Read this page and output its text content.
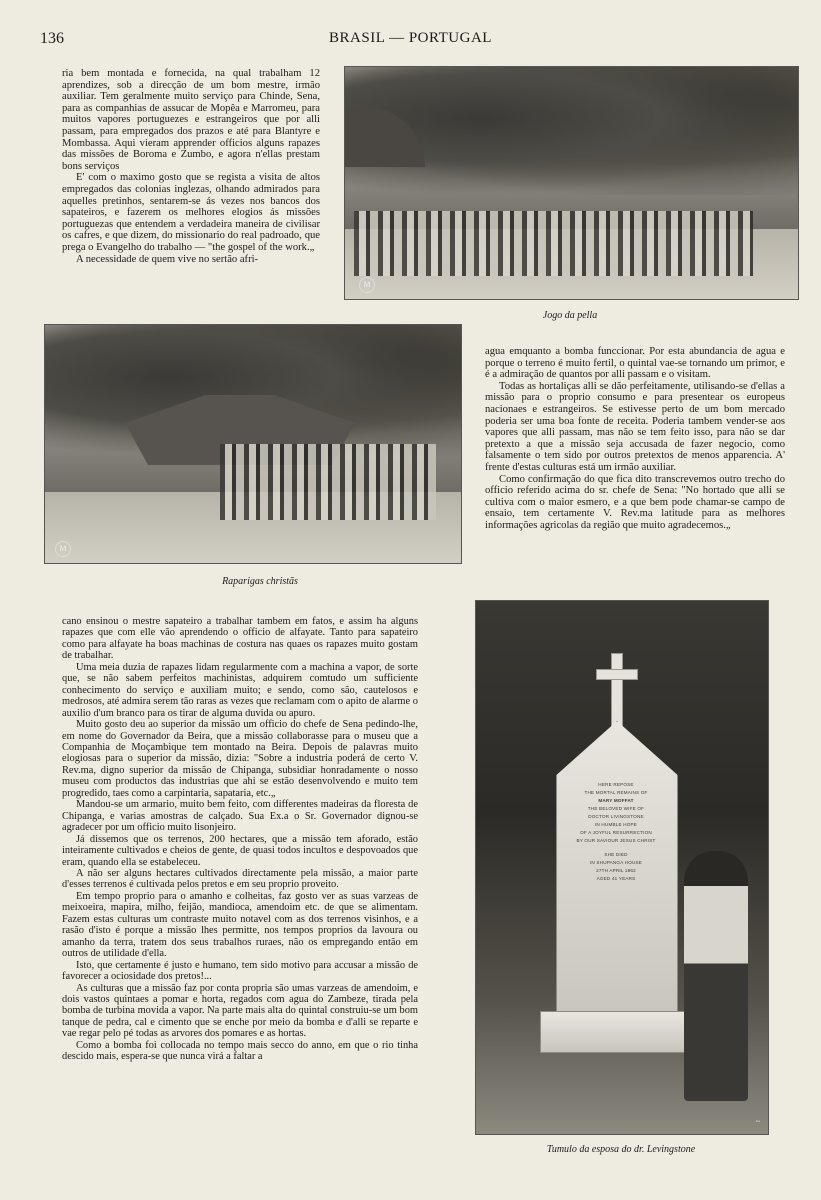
136	BRASIL — PORTUGAL

ria bem montada e fornecida, na qual trabalham 12 aprendizes, sob a direcção de um bom mestre, irmão auxiliar. Tem geralmente muito serviço para Chinde, Sena, para as companhias de assucar de Mopêa e Marromeu, para muitos vapores portuguezes e estrangeiros que por alli passam, para empregados dos prazos e até para Blantyre e Mombassa. Aqui vieram apprender officios alguns rapazes das missões de Boroma e Zumbo, e agora n'ellas prestam bons serviços

E' com o maximo gosto que se regista a visita de altos empregados das colonias inglezas, olhando admirados para aquelles pretinhos, sentarem-se ás vezes nos bancos dos sapateiros, e fazerem os melhores elogios ás missões portuguezas que entendem a verdadeira maneira de civilisar os cafres, e que dizem, do missionario do real padroado, que prega o Evangelho do trabalho — "the gospel of the work.„

A necessidade de quem vive no sertão afri-

M
Jogo da pella
M
Raparigas christãs

agua emquanto a bomba funccionar. Por esta abundancia de agua e porque o terreno é muito fertil, o quintal vae-se tornando um primor, e é a admiração de quantos por alli passam e o visitam.

Todas as hortaliças alli se dão perfeitamente, utilisando-se d'ellas a missão para o proprio consumo e para presentear os europeus nacionaes e estrangeiros. Se estivesse perto de um bom mercado poderia ser uma boa fonte de receita. Poderia tambem vender-se aos vapores que alli passam, mas não se tem feito isso, para não se dar pretexto a que a missão seja accusada de fazer negocio, como falsamente o tem sido por outros pretextos de menos apparencia. A' frente d'estas culturas está um irmão auxiliar.

Como confirmação do que fica dito transcrevemos outro trecho do officio referido acima do sr. chefe de Sena: "No hortado que alli se cultiva com o maior esmero, e a que bem pode chamar-se campo de ensaio, tem certamente V. Rev.ma latitude para as melhores informações agricolas da região que muito agradecemos.„

cano ensinou o mestre sapateiro a trabalhar tambem em fatos, e assim ha alguns rapazes que com elle vão aprendendo o officio de alfayate. Tanto para sapateiro como para alfayate ha boas machinas de costura nas quaes os rapazes muito gostam de trabalhar.

Uma meia duzia de rapazes lidam regularmente com a machina a vapor, de sorte que, se não sabem perfeitos machinistas, adquirem comtudo um sufficiente conhecimento do serviço e auxiliam muito; e sendo, como são, cautelosos e medrosos, até admira serem tão raras as vezes que reclamam com o apito de alarme o auxilio d'um branco para os tirar de alguma duvida ou apuro.

Muito gosto deu ao superior da missão um officio do chefe de Sena pedindo-lhe, em nome do Governador da Beira, que a missão collaborasse para o museu que a Companhia de Moçambique tem montado na Beira. Depois de palavras muito elogiosas para o superior da missão, dizia: "Sobre a industria poderá de certo V. Rev.ma, digno superior da missão de Chipanga, subsidiar honradamente o nosso museu com productos das industrias que ahi se estão desenvolvendo e muito tem progredido, taes como a carpintaria, sapataria, etc.„

Mandou-se um armario, muito bem feito, com differentes madeiras da floresta de Chipanga, e varias amostras de calçado. Sua Ex.a o Sr. Governador dignou-se agradecer por um officio muito lisonjeiro.

Já dissemos que os terrenos, 200 hectares, que a missão tem aforado, estão inteiramente cultivados e cheios de gente, de quasi todos incultos e despovoados que eram, quando ella se estabeleceu.

A não ser alguns hectares cultivados directamente pela missão, a maior parte d'esses terrenos é cultivada pelos pretos e em seu proprio proveito.

Em tempo proprio para o amanho e colheitas, faz gosto ver as suas varzeas de meixoeira, mapira, milho, feijão, mandioca, amendoim etc. de que se alimentam. Fazem estas culturas um contraste muito notavel com as dos terrenos visinhos, e a rasão d'isto é porque a missão lhes permitte, nos tempos proprios da lavoura ou amanho da terra, tratem dos seus trabalhos ruraes, não os empregando então em outros de utilidade d'ella.

Isto, que certamente é justo e humano, tem sido motivo para accusar a missão de favorecer a ociosidade dos pretos!...

As culturas que a missão faz por conta propria são umas varzeas de amendoim, e dois vastos quintaes a pomar e horta, regados com agua do Zambeze, tirada pela bomba de turbina movida a vapor. Na parte mais alta do quintal construiu-se um bom tanque de pedra, cal e cimento que se enche por meio da bomba e d'alli se reparte e vae regar pelo pé todas as arvores dos pomares e as hortas.

Como a bomba foi collocada no tempo mais secco do anno, em que o rio tinha descido mais, espera-se que nunca virá a faltar a

HERE REPOSE
THE MORTAL REMAINS OF
MARY MOFFAT
THE BELOVED WIFE OF
DOCTOR LIVINGSTONE
IN HUMBLE HOPE
OF A JOYFUL RESURRECTION
BY OUR SAVIOUR JESUS CHRIST
SHE DIED
IN SHUPANGA HOUSE
27TH APRIL 1862
AGED 41 YEARS
~
Tumulo da esposa do dr. Levingstone
